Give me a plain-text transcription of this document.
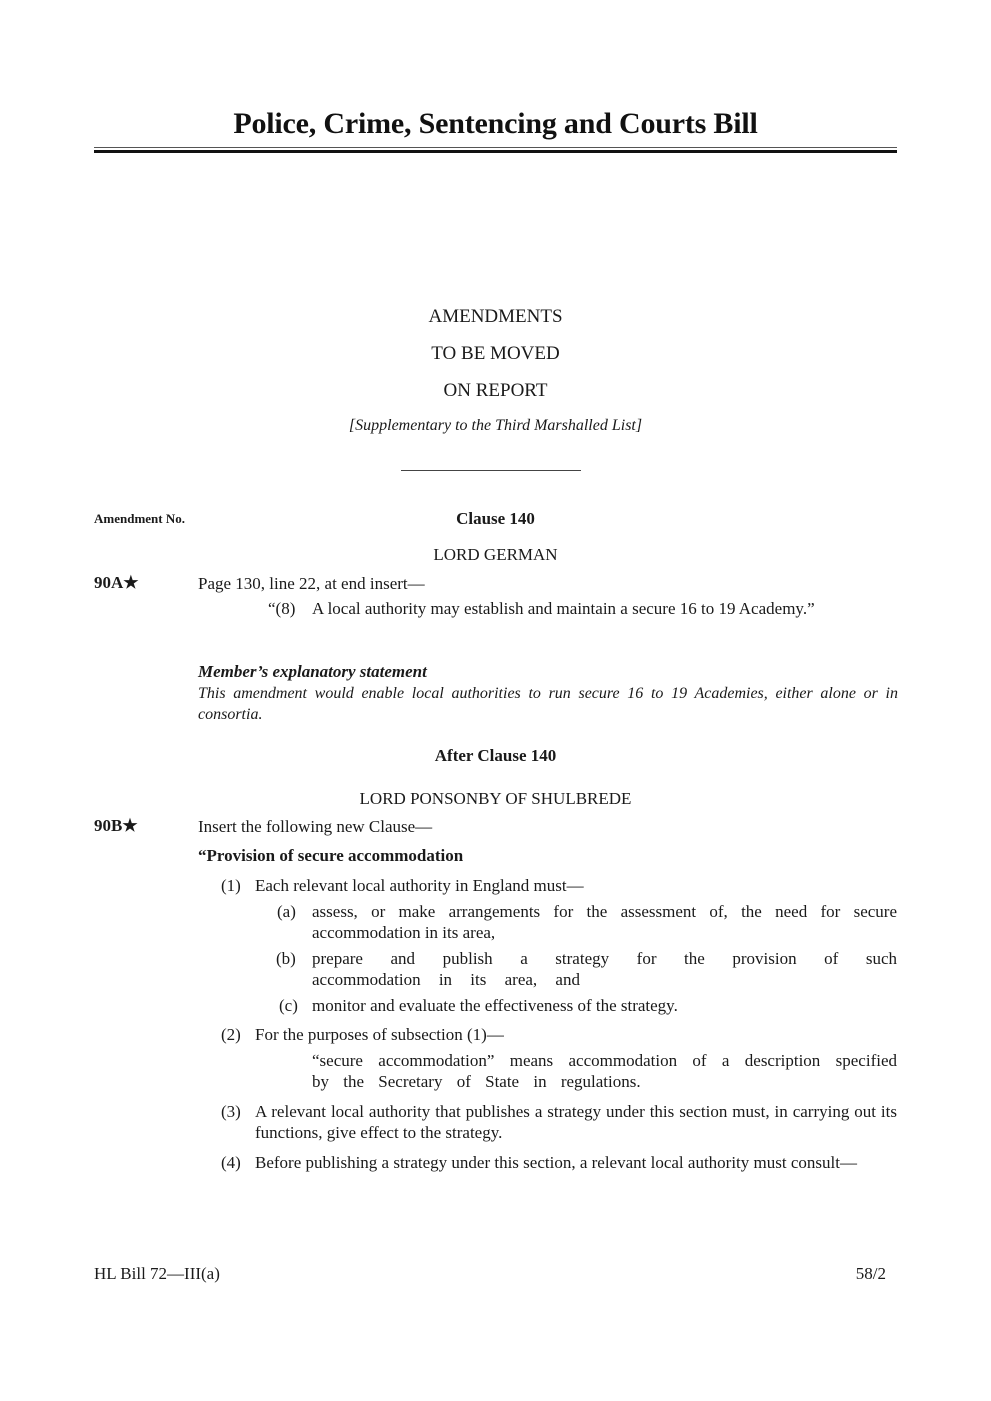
Police, Crime, Sentencing and Courts Bill
AMENDMENTS
TO BE MOVED
ON REPORT
[Supplementary to the Third Marshalled List]
Amendment No.	Clause 140
LORD GERMAN
90A★	Page 130, line 22, at end insert—
“(8) A local authority may establish and maintain a secure 16 to 19 Academy.”
Member’s explanatory statement
This amendment would enable local authorities to run secure 16 to 19 Academies, either alone or in consortia.
After Clause 140
LORD PONSONBY OF SHULBREDE
90B★	Insert the following new Clause—
“Provision of secure accommodation
(1) Each relevant local authority in England must—
(a) assess, or make arrangements for the assessment of, the need for secure accommodation in its area,
(b) prepare and publish a strategy for the provision of such accommodation in its area, and
(c) monitor and evaluate the effectiveness of the strategy.
(2) For the purposes of subsection (1)—
“secure accommodation” means accommodation of a description specified by the Secretary of State in regulations.
(3) A relevant local authority that publishes a strategy under this section must, in carrying out its functions, give effect to the strategy.
(4) Before publishing a strategy under this section, a relevant local authority must consult—
HL Bill 72—III(a)	58/2
